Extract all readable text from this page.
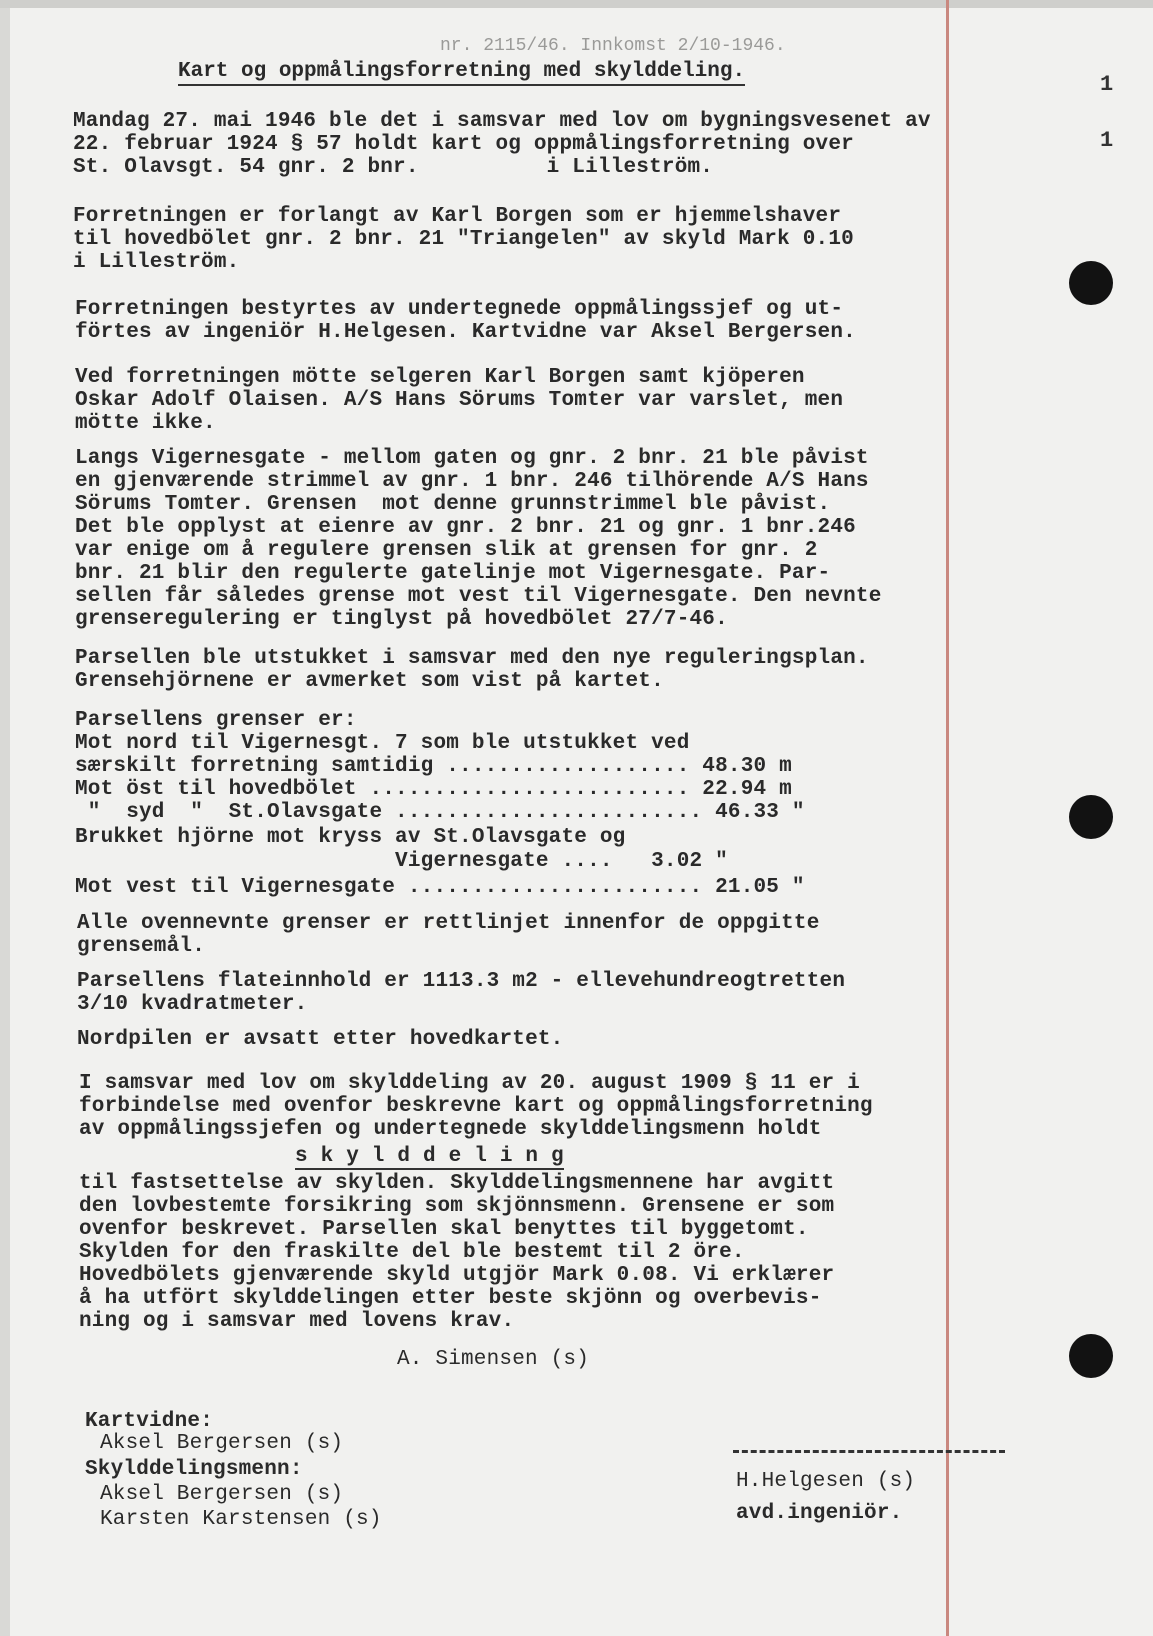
nr. 2115/46. Innkomst 2/10-1946.
1
1
Kart og oppmålingsforretning med skylddeling.
Mandag 27. mai 1946 ble det i samsvar med lov om bygningsvesenet av
22. februar 1924 § 57 holdt kart og oppmålingsforretning over
St. Olavsgt. 54 gnr. 2 bnr.          i Lilleström.
Forretningen er forlangt av Karl Borgen som er hjemmelshaver
til hovedbölet gnr. 2 bnr. 21 "Triangelen" av skyld Mark 0.10
i Lilleström.
Forretningen bestyrtes av undertegnede oppmålingssjef og ut-
förtes av ingeniör H.Helgesen. Kartvidne var Aksel Bergersen.
Ved forretningen mötte selgeren Karl Borgen samt kjöperen
Oskar Adolf Olaisen. A/S Hans Sörums Tomter var varslet, men
mötte ikke.
Langs Vigernesgate - mellom gaten og gnr. 2 bnr. 21 ble påvist
en gjenværende strimmel av gnr. 1 bnr. 246 tilhörende A/S Hans
Sörums Tomter. Grensen  mot denne grunnstrimmel ble påvist.
Det ble opplyst at eienre av gnr. 2 bnr. 21 og gnr. 1 bnr.246
var enige om å regulere grensen slik at grensen for gnr. 2
bnr. 21 blir den regulerte gatelinje mot Vigernesgate. Par-
sellen får således grense mot vest til Vigernesgate. Den nevnte
grenseregulering er tinglyst på hovedbölet 27/7-46.
Parsellen ble utstukket i samsvar med den nye reguleringsplan.
Grensehjörnene er avmerket som vist på kartet.
Parsellens grenser er:
Mot nord til Vigernesgt. 7 som ble utstukket ved
særskilt forretning samtidig ................... 48.30 m
Mot öst til hovedbölet ......................... 22.94 m
"  syd  "  St.Olavsgate ........................ 46.33 "
Brukket hjörne mot kryss av St.Olavsgate og
Vigernesgate ....   3.02 "
Mot vest til Vigernesgate ....................... 21.05 "
Alle ovennevnte grenser er rettlinjet innenfor de oppgitte
grensemål.
Parsellens flateinnhold er 1113.3 m2 - ellevehundreogtretten
3/10 kvadratmeter.
Nordpilen er avsatt etter hovedkartet.
I samsvar med lov om skylddeling av 20. august 1909 § 11 er i
forbindelse med ovenfor beskrevne kart og oppmålingsforretning
av oppmålingssjefen og undertegnede skylddelingsmenn holdt
s k y l d d e l i n g
til fastsettelse av skylden. Skylddelingsmennene har avgitt
den lovbestemte forsikring som skjönnsmenn. Grensene er som
ovenfor beskrevet. Parsellen skal benyttes til byggetomt.
Skylden for den fraskilte del ble bestemt til 2 öre.
Hovedbölets gjenværende skyld utgjör Mark 0.08. Vi erklærer
å ha utfört skylddelingen etter beste skjönn og overbevis-
ning og i samsvar med lovens krav.
A. Simensen (s)
Kartvidne:
Aksel Bergersen (s)
Skylddelingsmenn:
Aksel Bergersen (s)
Karsten Karstensen (s)
H.Helgesen (s)
avd.ingeniör.
